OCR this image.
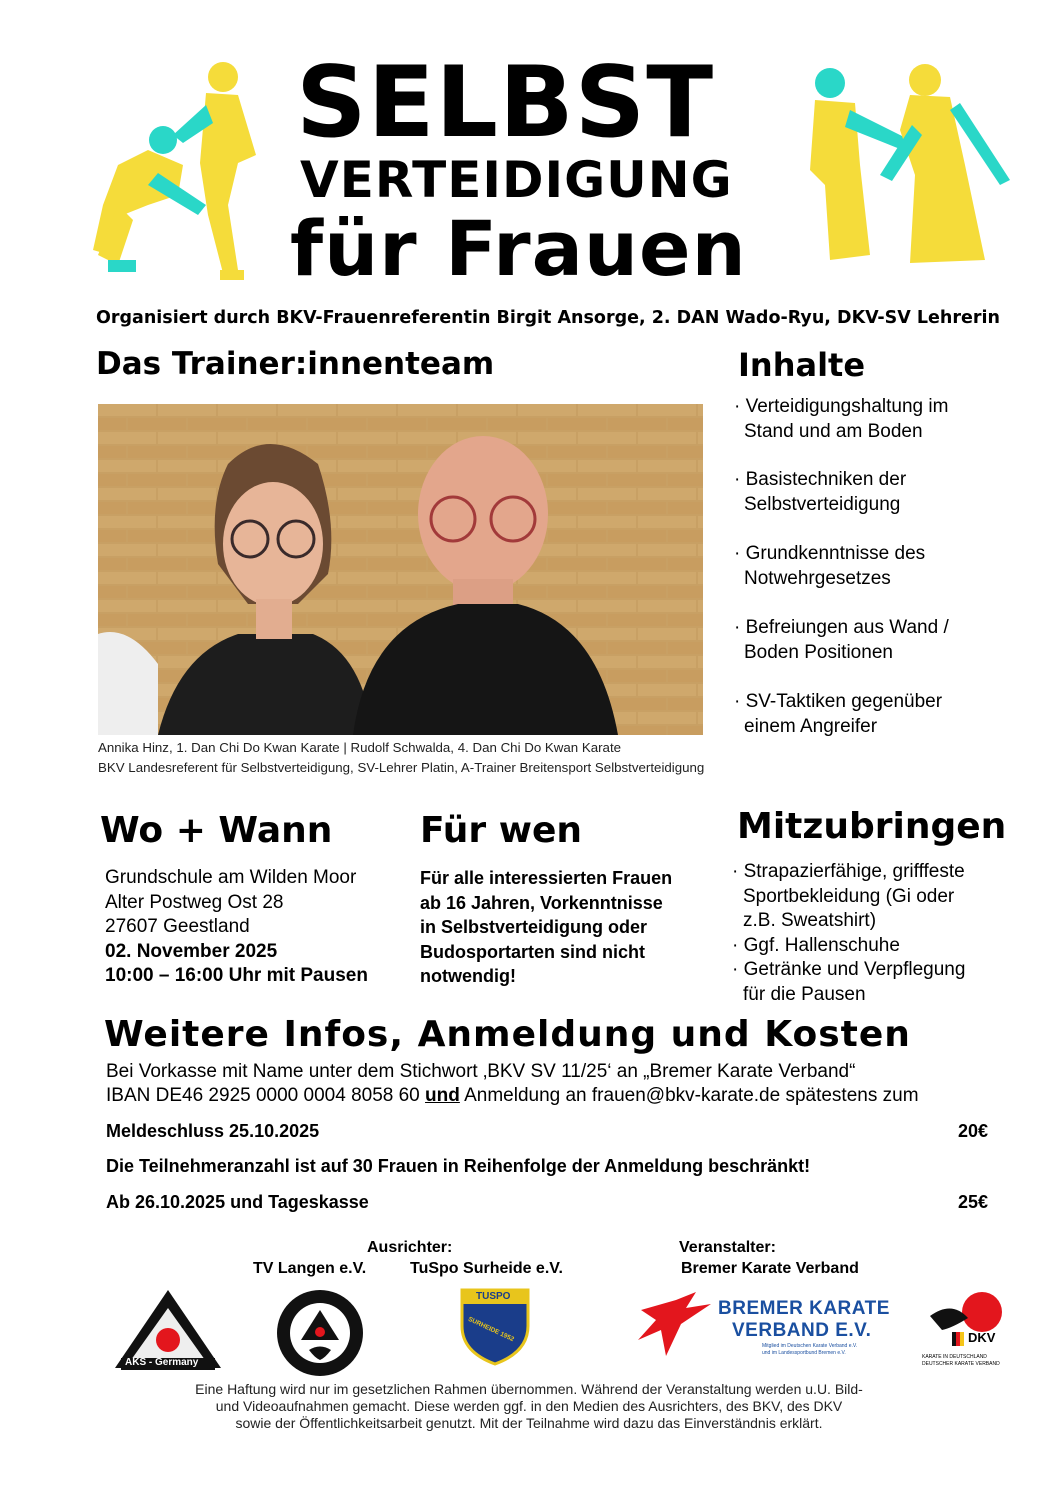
SELBST
VERTEIDIGUNG
für Frauen
Organisiert durch BKV-Frauenreferentin Birgit Ansorge, 2. DAN Wado-Ryu, DKV-SV Lehrerin
Das Trainer:innenteam
Annika Hinz, 1. Dan Chi Do Kwan Karate | Rudolf Schwalda, 4. Dan Chi Do Kwan Karate
BKV Landesreferent für Selbstverteidigung, SV-Lehrer Platin, A-Trainer Breitensport Selbstverteidigung
Inhalte
· Verteidigungshaltung im
Stand und am Boden
· Basistechniken der
Selbstverteidigung
· Grundkenntnisse des
Notwehrgesetzes
· Befreiungen aus Wand /
Boden Positionen
· SV-Taktiken gegenüber
einem Angreifer
Wo + Wann
Grundschule am Wilden Moor
Alter Postweg Ost 28
27607 Geestland
02. November 2025
10:00 – 16:00 Uhr mit Pausen
Für wen
Für alle interessierten Frauen
ab 16 Jahren, Vorkenntnisse
in Selbstverteidigung oder
Budosportarten sind nicht
notwendig!
Mitzubringen
· Strapazierfähige, grifffeste
Sportbekleidung (Gi oder
z.B. Sweatshirt)
· Ggf. Hallenschuhe
· Getränke und Verpflegung
für die Pausen
Weitere Infos, Anmeldung und Kosten
Bei Vorkasse mit Name unter dem Stichwort ‚BKV SV 11/25‘ an „Bremer Karate Verband“
IBAN DE46 2925 0000 0004 8058 60 und Anmeldung an frauen@bkv-karate.de spätestens zum
Meldeschluss 25.10.2025	20€
Die Teilnehmeranzahl ist auf 30 Frauen in Reihenfolge der Anmeldung beschränkt!
Ab 26.10.2025 und Tageskasse	25€
Ausrichter:
TV Langen e.V.	TuSpo Surheide e.V.
Veranstalter:
Bremer Karate Verband
AKS - Germany
TUSPO
SURHEIDE 1952
BREMER KARATE
VERBAND E.V.
Mitglied im Deutschen Karate Verband e.V.
und im Landessportbund Bremen e.V.
DKV
KARATE IN DEUTSCHLAND
DEUTSCHER KARATE VERBAND
Eine Haftung wird nur im gesetzlichen Rahmen übernommen. Während der Veranstaltung werden u.U. Bild-
und Videoaufnahmen gemacht. Diese werden ggf. in den Medien des Ausrichters, des BKV, des DKV
sowie der Öffentlichkeitsarbeit genutzt. Mit der Teilnahme wird dazu das Einverständnis erklärt.
